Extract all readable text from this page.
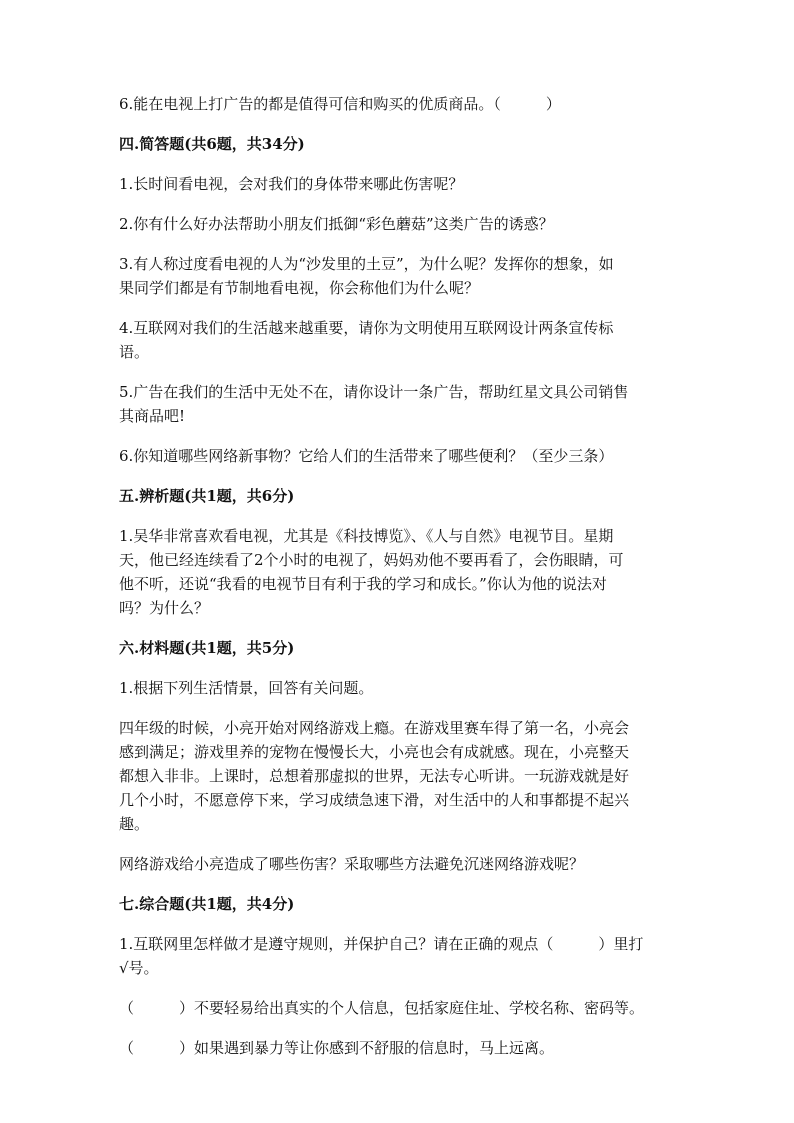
6.能在电视上打广告的都是值得可信和购买的优质商品。（　　　）
四.简答题(共6题，共34分)
1.长时间看电视，会对我们的身体带来哪此伤害呢？
2.你有什么好办法帮助小朋友们抵御“彩色蘑菇”这类广告的诱惑？
3.有人称过度看电视的人为“沙发里的土豆”，为什么呢？发挥你的想象，如
果同学们都是有节制地看电视，你会称他们为什么呢？
4.互联网对我们的生活越来越重要，请你为文明使用互联网设计两条宣传标
语。
5.广告在我们的生活中无处不在，请你设计一条广告，帮助红星文具公司销售
其商品吧!
6.你知道哪些网络新事物？它给人们的生活带来了哪些便利？（至少三条）
五.辨析题(共1题，共6分)
1.吴华非常喜欢看电视，尤其是《科技博览》、《人与自然》电视节目。星期
天，他已经连续看了2个小时的电视了，妈妈劝他不要再看了，会伤眼睛，可
他不听，还说“我看的电视节目有利于我的学习和成长。”你认为他的说法对
吗？为什么？
六.材料题(共1题，共5分)
1.根据下列生活情景，回答有关问题。
四年级的时候，小亮开始对网络游戏上瘾。在游戏里赛车得了第一名，小亮会
感到满足；游戏里养的宠物在慢慢长大，小亮也会有成就感。现在，小亮整天
都想入非非。上课时，总想着那虚拟的世界，无法专心听讲。一玩游戏就是好
几个小时，不愿意停下来，学习成绩急速下滑，对生活中的人和事都提不起兴
趣。
网络游戏给小亮造成了哪些伤害？采取哪些方法避免沉迷网络游戏呢？
七.综合题(共1题，共4分)
1.互联网里怎样做才是遵守规则，并保护自己？请在正确的观点（　　　）里打
√号。
（　　　）不要轻易给出真实的个人信息，包括家庭住址、学校名称、密码等。
（　　　）如果遇到暴力等让你感到不舒服的信息时，马上远离。
